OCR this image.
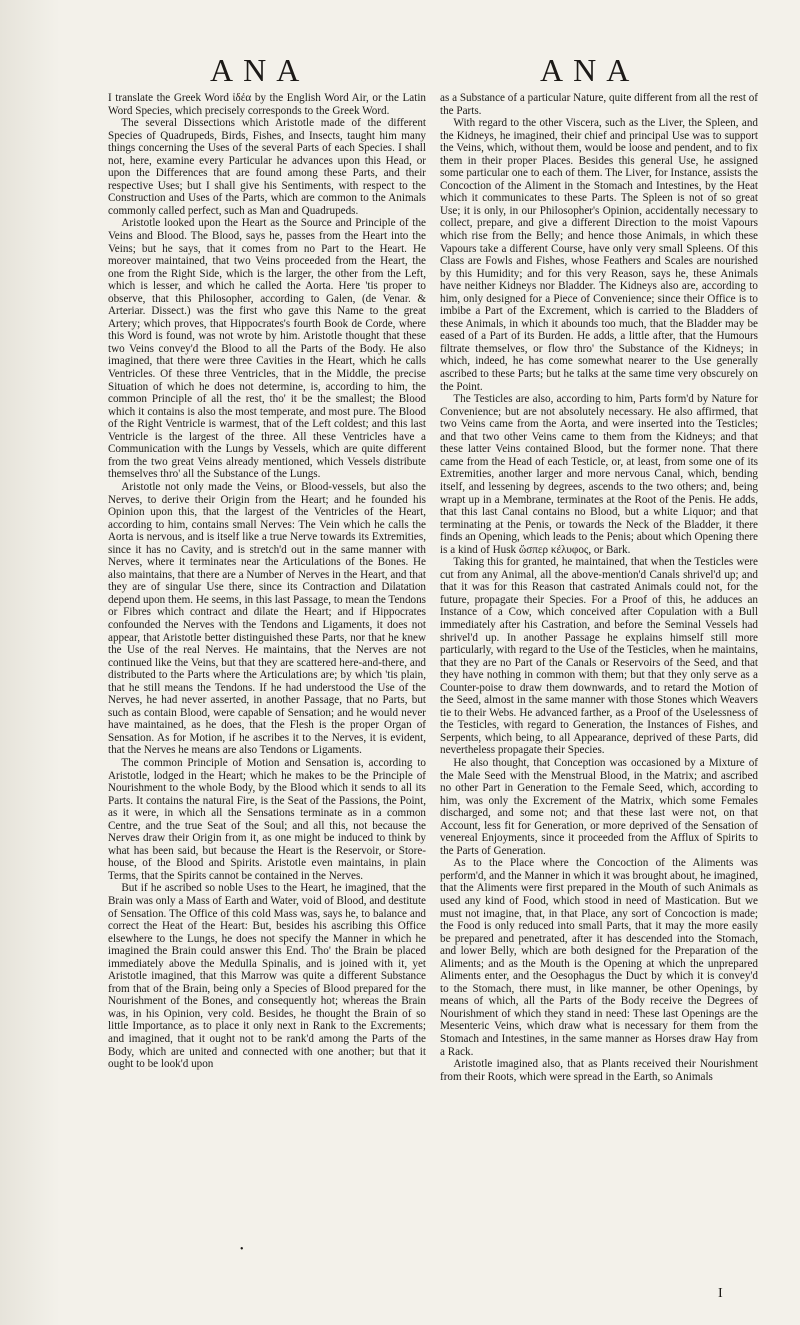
ANA	ANA

I translate the Greek Word ἰδέα by the English Word Air, or the Latin Word Species, which precisely corresponds to the Greek Word.

The several Dissections which Aristotle made of the different Species of Quadrupeds, Birds, Fishes, and Insects, taught him many things concerning the Uses of the several Parts of each Species. I shall not, here, examine every Particular he advances upon this Head, or upon the Differences that are found among these Parts, and their respective Uses; but I shall give his Sentiments, with respect to the Construction and Uses of the Parts, which are common to the Animals commonly called perfect, such as Man and Quadrupeds.

Aristotle looked upon the Heart as the Source and Principle of the Veins and Blood. The Blood, says he, passes from the Heart into the Veins; but he says, that it comes from no Part to the Heart. He moreover maintained, that two Veins proceeded from the Heart, the one from the Right Side, which is the larger, the other from the Left, which is lesser, and which he called the Aorta. Here 'tis proper to observe, that this Philosopher, according to Galen, (de Venar. & Arteriar. Dissect.) was the first who gave this Name to the great Artery; which proves, that Hippocrates's fourth Book de Corde, where this Word is found, was not wrote by him. Aristotle thought that these two Veins convey'd the Blood to all the Parts of the Body. He also imagined, that there were three Cavities in the Heart, which he calls Ventricles. Of these three Ventricles, that in the Middle, the precise Situation of which he does not determine, is, according to him, the common Principle of all the rest, tho' it be the smallest; the Blood which it contains is also the most temperate, and most pure. The Blood of the Right Ventricle is warmest, that of the Left coldest; and this last Ventricle is the largest of the three. All these Ventricles have a Communication with the Lungs by Vessels, which are quite different from the two great Veins already mentioned, which Vessels distribute themselves thro' all the Substance of the Lungs.

Aristotle not only made the Veins, or Blood-vessels, but also the Nerves, to derive their Origin from the Heart; and he founded his Opinion upon this, that the largest of the Ventricles of the Heart, according to him, contains small Nerves: The Vein which he calls the Aorta is nervous, and is itself like a true Nerve towards its Extremities, since it has no Cavity, and is stretch'd out in the same manner with Nerves, where it terminates near the Articulations of the Bones. He also maintains, that there are a Number of Nerves in the Heart, and that they are of singular Use there, since its Contraction and Dilatation depend upon them. He seems, in this last Passage, to mean the Tendons or Fibres which contract and dilate the Heart; and if Hippocrates confounded the Nerves with the Tendons and Ligaments, it does not appear, that Aristotle better distinguished these Parts, nor that he knew the Use of the real Nerves. He maintains, that the Nerves are not continued like the Veins, but that they are scattered here-and-there, and distributed to the Parts where the Articulations are; by which 'tis plain, that he still means the Tendons. If he had understood the Use of the Nerves, he had never asserted, in another Passage, that no Parts, but such as contain Blood, were capable of Sensation; and he would never have maintained, as he does, that the Flesh is the proper Organ of Sensation. As for Motion, if he ascribes it to the Nerves, it is evident, that the Nerves he means are also Tendons or Ligaments.

The common Principle of Motion and Sensation is, according to Aristotle, lodged in the Heart; which he makes to be the Principle of Nourishment to the whole Body, by the Blood which it sends to all its Parts. It contains the natural Fire, is the Seat of the Passions, the Point, as it were, in which all the Sensations terminate as in a common Centre, and the true Seat of the Soul; and all this, not because the Nerves draw their Origin from it, as one might be induced to think by what has been said, but because the Heart is the Reservoir, or Store-house, of the Blood and Spirits. Aristotle even maintains, in plain Terms, that the Spirits cannot be contained in the Nerves.

But if he ascribed so noble Uses to the Heart, he imagined, that the Brain was only a Mass of Earth and Water, void of Blood, and destitute of Sensation. The Office of this cold Mass was, says he, to balance and correct the Heat of the Heart: But, besides his ascribing this Office elsewhere to the Lungs, he does not specify the Manner in which he imagined the Brain could answer this End. Tho' the Brain be placed immediately above the Medulla Spinalis, and is joined with it, yet Aristotle imagined, that this Marrow was quite a different Substance from that of the Brain, being only a Species of Blood prepared for the Nourishment of the Bones, and consequently hot; whereas the Brain was, in his Opinion, very cold. Besides, he thought the Brain of so little Importance, as to place it only next in Rank to the Excrements; and imagined, that it ought not to be rank'd among the Parts of the Body, which are united and connected with one another; but that it ought to be look'd upon

as a Substance of a particular Nature, quite different from all the rest of the Parts.

With regard to the other Viscera, such as the Liver, the Spleen, and the Kidneys, he imagined, their chief and principal Use was to support the Veins, which, without them, would be loose and pendent, and to fix them in their proper Places. Besides this general Use, he assigned some particular one to each of them. The Liver, for Instance, assists the Concoction of the Aliment in the Stomach and Intestines, by the Heat which it communicates to these Parts. The Spleen is not of so great Use; it is only, in our Philosopher's Opinion, accidentally necessary to collect, prepare, and give a different Direction to the moist Vapours which rise from the Belly; and hence those Animals, in which these Vapours take a different Course, have only very small Spleens. Of this Class are Fowls and Fishes, whose Feathers and Scales are nourished by this Humidity; and for this very Reason, says he, these Animals have neither Kidneys nor Bladder. The Kidneys also are, according to him, only designed for a Piece of Convenience; since their Office is to imbibe a Part of the Excrement, which is carried to the Bladders of these Animals, in which it abounds too much, that the Bladder may be eased of a Part of its Burden. He adds, a little after, that the Humours filtrate themselves, or flow thro' the Substance of the Kidneys; in which, indeed, he has come somewhat nearer to the Use generally ascribed to these Parts; but he talks at the same time very obscurely on the Point.

The Testicles are also, according to him, Parts form'd by Nature for Convenience; but are not absolutely necessary. He also affirmed, that two Veins came from the Aorta, and were inserted into the Testicles; and that two other Veins came to them from the Kidneys; and that these latter Veins contained Blood, but the former none. That there came from the Head of each Testicle, or, at least, from some one of its Extremities, another larger and more nervous Canal, which, bending itself, and lessening by degrees, ascends to the two others; and, being wrapt up in a Membrane, terminates at the Root of the Penis. He adds, that this last Canal contains no Blood, but a white Liquor; and that terminating at the Penis, or towards the Neck of the Bladder, it there finds an Opening, which leads to the Penis; about which Opening there is a kind of Husk ὥσπερ κέλυφος, or Bark.

Taking this for granted, he maintained, that when the Testicles were cut from any Animal, all the above-mention'd Canals shrivel'd up; and that it was for this Reason that castrated Animals could not, for the future, propagate their Species. For a Proof of this, he adduces an Instance of a Cow, which conceived after Copulation with a Bull immediately after his Castration, and before the Seminal Vessels had shrivel'd up. In another Passage he explains himself still more particularly, with regard to the Use of the Testicles, when he maintains, that they are no Part of the Canals or Reservoirs of the Seed, and that they have nothing in common with them; but that they only serve as a Counter-poise to draw them downwards, and to retard the Motion of the Seed, almost in the same manner with those Stones which Weavers tie to their Webs. He advanced farther, as a Proof of the Uselessness of the Testicles, with regard to Generation, the Instances of Fishes, and Serpents, which being, to all Appearance, deprived of these Parts, did nevertheless propagate their Species.

He also thought, that Conception was occasioned by a Mixture of the Male Seed with the Menstrual Blood, in the Matrix; and ascribed no other Part in Generation to the Female Seed, which, according to him, was only the Excrement of the Matrix, which some Females discharged, and some not; and that these last were not, on that Account, less fit for Generation, or more deprived of the Sensation of venereal Enjoyments, since it proceeded from the Afflux of Spirits to the Parts of Generation.

As to the Place where the Concoction of the Aliments was perform'd, and the Manner in which it was brought about, he imagined, that the Aliments were first prepared in the Mouth of such Animals as used any kind of Food, which stood in need of Mastication. But we must not imagine, that, in that Place, any sort of Concoction is made; the Food is only reduced into small Parts, that it may the more easily be prepared and penetrated, after it has descended into the Stomach, and lower Belly, which are both designed for the Preparation of the Aliments; and as the Mouth is the Opening at which the unprepared Aliments enter, and the Oesophagus the Duct by which it is convey'd to the Stomach, there must, in like manner, be other Openings, by means of which, all the Parts of the Body receive the Degrees of Nourishment of which they stand in need: These last Openings are the Mesenteric Veins, which draw what is necessary for them from the Stomach and Intestines, in the same manner as Horses draw Hay from a Rack.

Aristotle imagined also, that as Plants received their Nourishment from their Roots, which were spread in the Earth, so Animals

•
I
